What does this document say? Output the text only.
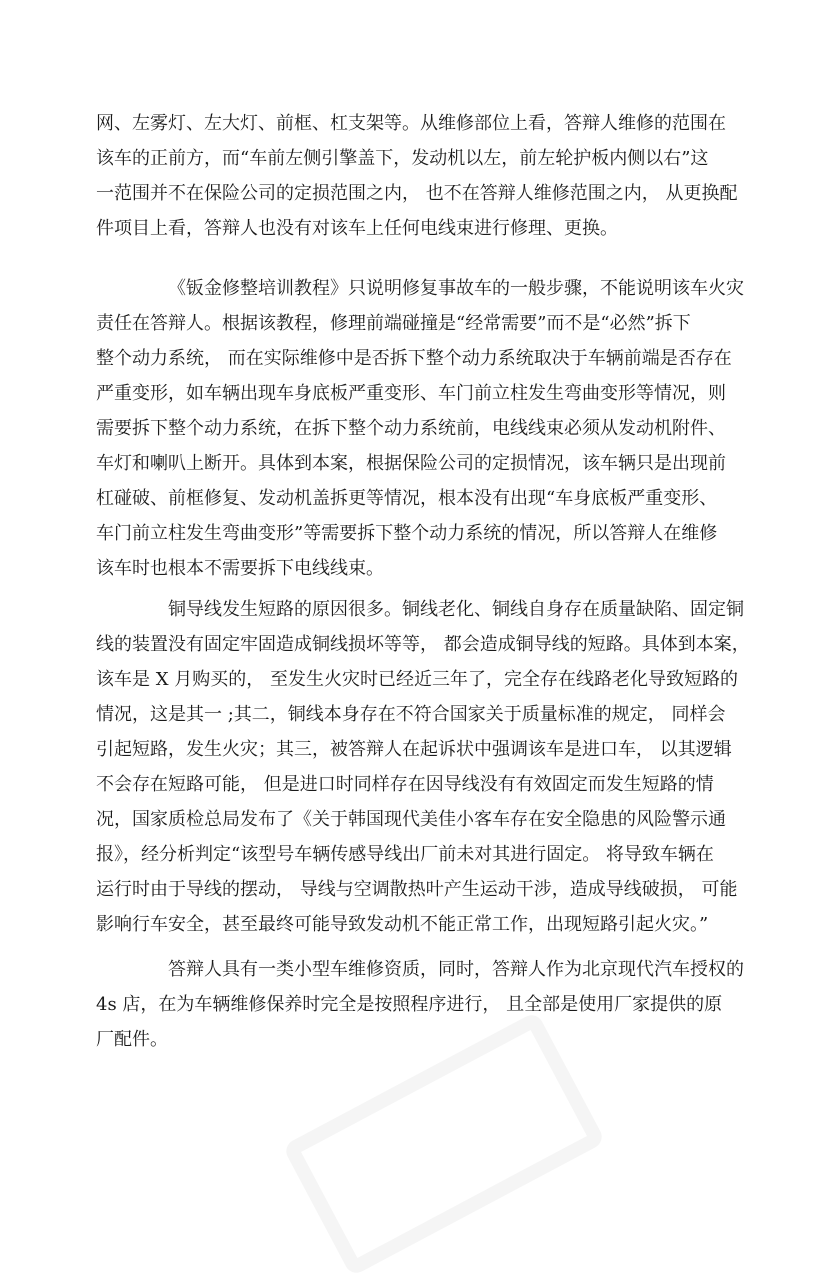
网、左雾灯、左大灯、前框、杠支架等。从维修部位上看，答辩人维修的范围在
该车的正前方，而“车前左侧引擎盖下，发动机以左，前左轮护板内侧以右”这
一范围并不在保险公司的定损范围之内， 也不在答辩人维修范围之内， 从更换配
件项目上看，答辩人也没有对该车上任何电线束进行修理、更换。
《钣金修整培训教程》只说明修复事故车的一般步骤，不能说明该车火灾
责任在答辩人。根据该教程，修理前端碰撞是“经常需要”而不是“必然”拆下
整个动力系统， 而在实际维修中是否拆下整个动力系统取决于车辆前端是否存在
严重变形，如车辆出现车身底板严重变形、车门前立柱发生弯曲变形等情况，则
需要拆下整个动力系统，在拆下整个动力系统前，电线线束必须从发动机附件、
车灯和喇叭上断开。具体到本案，根据保险公司的定损情况，该车辆只是出现前
杠碰破、前框修复、发动机盖拆更等情况，根本没有出现“车身底板严重变形、
车门前立柱发生弯曲变形”等需要拆下整个动力系统的情况，所以答辩人在维修
该车时也根本不需要拆下电线线束。
铜导线发生短路的原因很多。铜线老化、铜线自身存在质量缺陷、固定铜
线的装置没有固定牢固造成铜线损坏等等， 都会造成铜导线的短路。具体到本案，
该车是 X 月购买的， 至发生火灾时已经近三年了，完全存在线路老化导致短路的
情况，这是其一 ;其二，铜线本身存在不符合国家关于质量标准的规定， 同样会
引起短路，发生火灾；其三，被答辩人在起诉状中强调该车是进口车， 以其逻辑
不会存在短路可能， 但是进口时同样存在因导线没有有效固定而发生短路的情
况，国家质检总局发布了《关于韩国现代美佳小客车存在安全隐患的风险警示通
报》，经分析判定“该型号车辆传感导线出厂前未对其进行固定。 将导致车辆在
运行时由于导线的摆动， 导线与空调散热叶产生运动干涉，造成导线破损， 可能
影响行车安全，甚至最终可能导致发动机不能正常工作，出现短路引起火灾。”
答辩人具有一类小型车维修资质，同时，答辩人作为北京现代汽车授权的
4s 店，在为车辆维修保养时完全是按照程序进行， 且全部是使用厂家提供的原
厂配件。
